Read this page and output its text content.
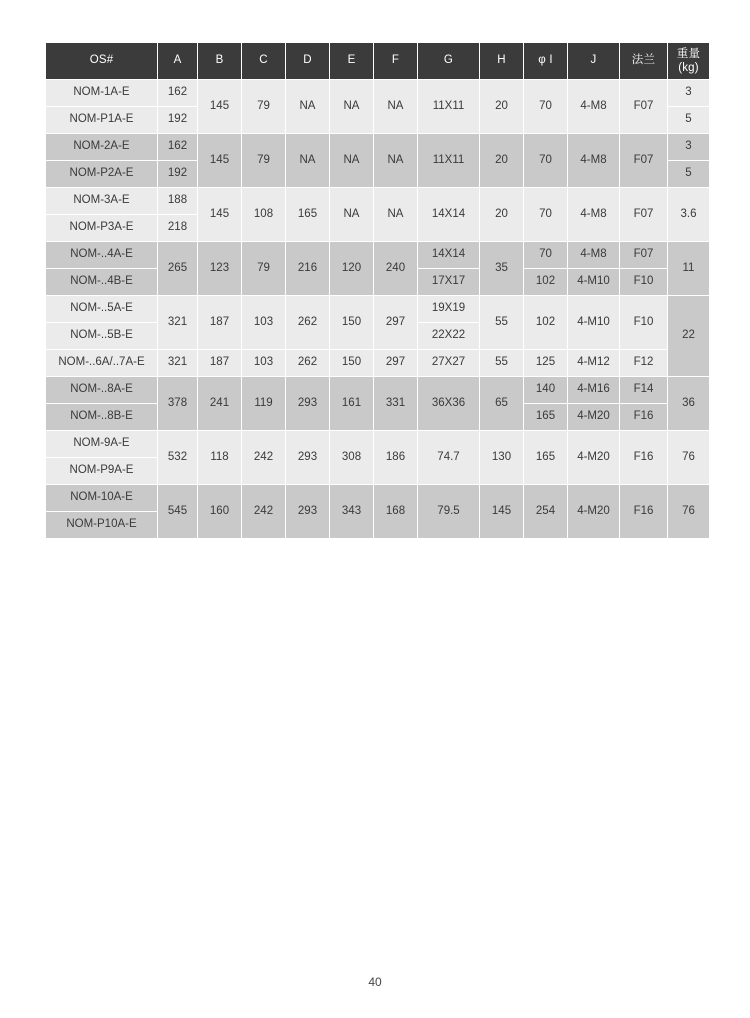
OS#	A	B	C	D	E	F	G	H	φ I	J	法兰	重量
(kg)

NOM-1A-E	162	145	79	NA	NA	NA	11X11	20	70	4-M8	F07	3
NOM-P1A-E	192											5
NOM-2A-E	162	145	79	NA	NA	NA	11X11	20	70	4-M8	F07	3
NOM-P2A-E	192											5
NOM-3A-E	188	145	108	165	NA	NA	14X14	20	70	4-M8	F07	3.6
NOM-P3A-E	218											
NOM-..4A-E	265	123	79	216	120	240	14X14	35	70	4-M8	F07	11
NOM-..4B-E							17X17		102	4-M10	F10	
NOM-..5A-E	321	187	103	262	150	297	19X19	55	102	4-M10	F10	22
NOM-..5B-E							22X22					
NOM-..6A/..7A-E	321	187	103	262	150	297	27X27	55	125	4-M12	F12	
NOM-..8A-E	378	241	119	293	161	331	36X36	65	140	4-M16	F14	36
NOM-..8B-E									165	4-M20	F16	
NOM-9A-E	532	118	242	293	308	186	74.7	130	165	4-M20	F16	76
NOM-P9A-E												
NOM-10A-E	545	160	242	293	343	168	79.5	145	254	4-M20	F16	76
NOM-P10A-E												
40
